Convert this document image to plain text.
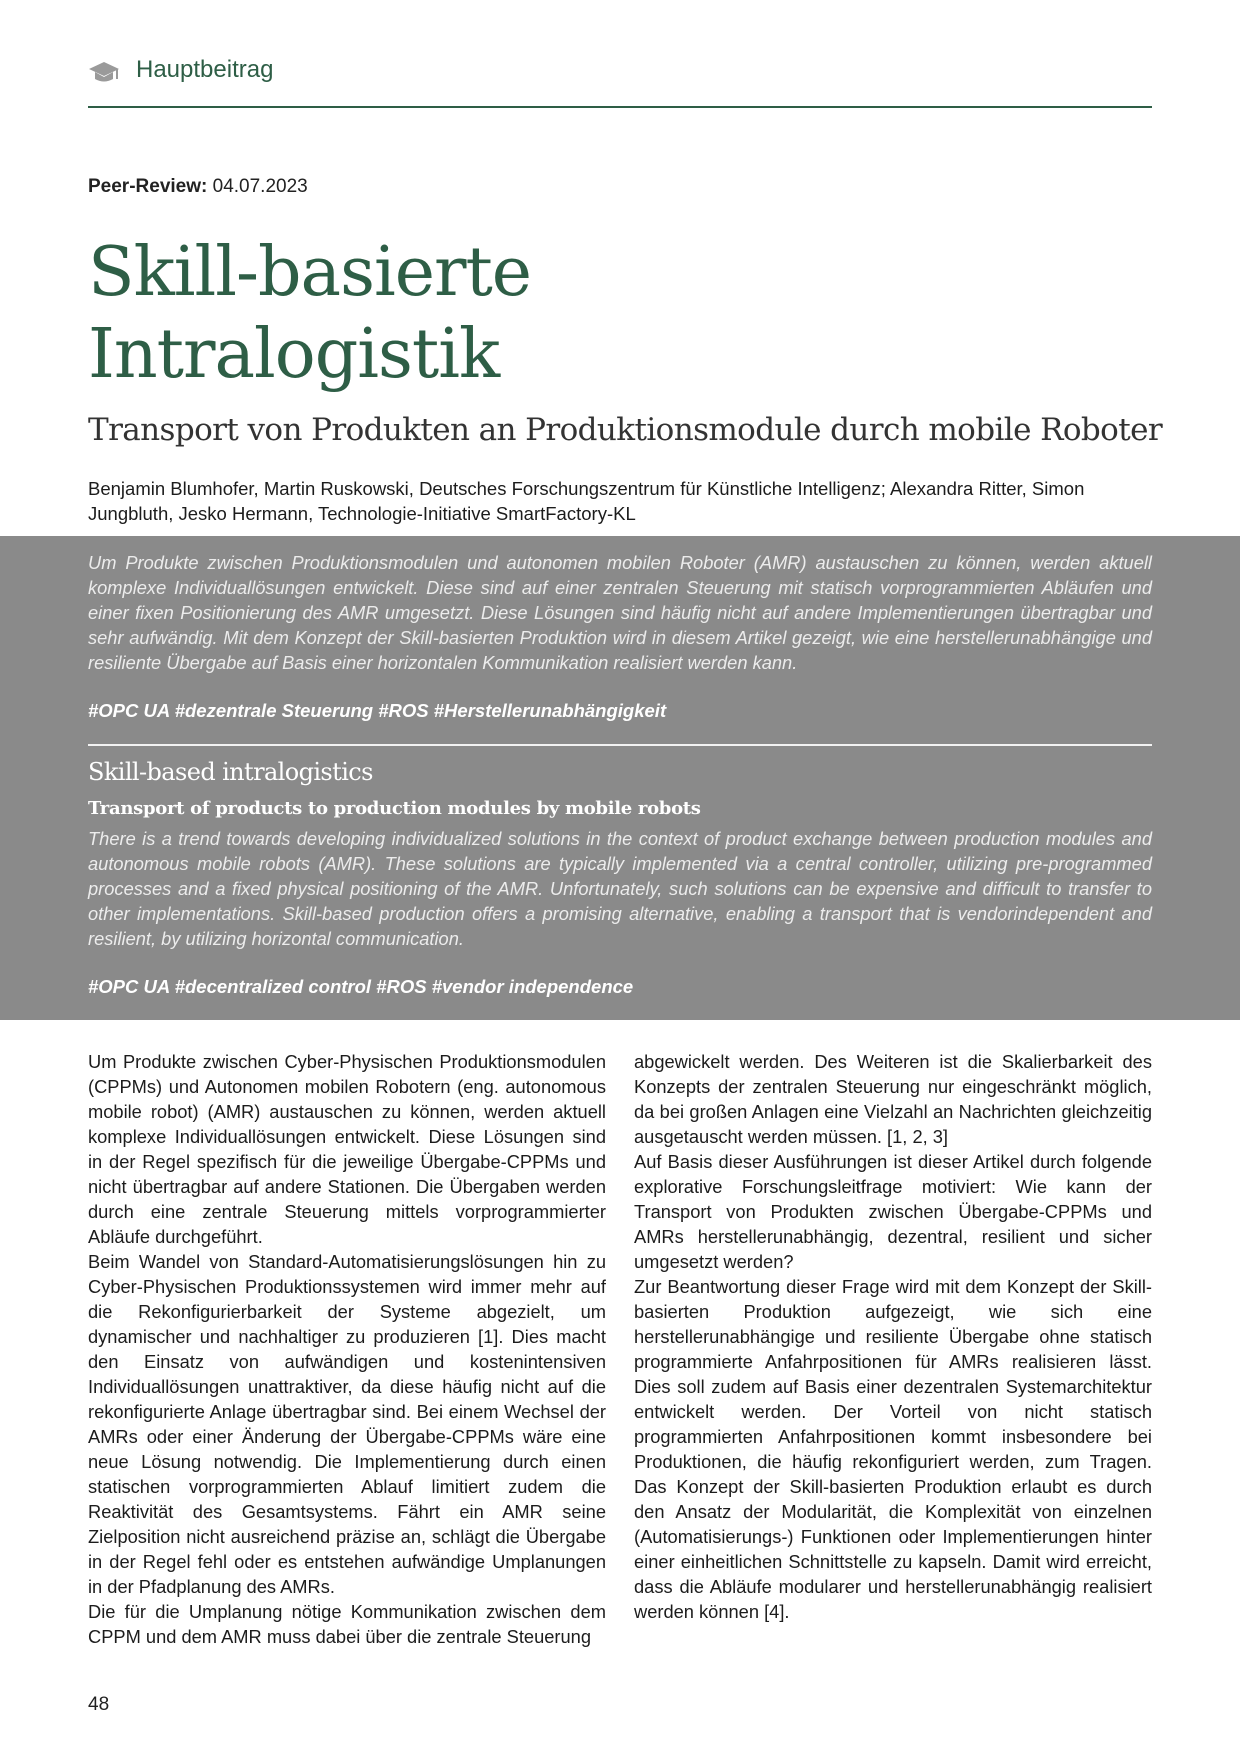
Hauptbeitrag
Peer-Review: 04.07.2023
Skill-basierte
Intralogistik
Transport von Produkten an Produktionsmodule durch mobile Roboter
Benjamin Blumhofer, Martin Ruskowski, Deutsches Forschungszentrum für Künstliche Intelligenz; Alexandra Ritter, Simon Jungbluth, Jesko Hermann, Technologie-Initiative SmartFactory-KL
Um Produkte zwischen Produktionsmodulen und autonomen mobilen Roboter (AMR) austauschen zu können, werden aktuell komplexe Individuallösungen entwickelt. Diese sind auf einer zentralen Steuerung mit statisch vorprogrammierten Abläufen und einer fixen Positionierung des AMR umgesetzt. Diese Lösungen sind häufig nicht auf andere Implementierungen übertragbar und sehr aufwändig. Mit dem Konzept der Skill-basierten Produktion wird in diesem Artikel gezeigt, wie eine herstellerunabhängige und resiliente Übergabe auf Basis einer horizontalen Kommunikation realisiert werden kann.
#OPC UA #dezentrale Steuerung #ROS #Herstellerunabhängigkeit
Skill-based intralogistics
Transport of products to production modules by mobile robots
There is a trend towards developing individualized solutions in the context of product exchange between production modules and autonomous mobile robots (AMR). These solutions are typically implemented via a central controller, utilizing pre-programmed processes and a fixed physical positioning of the AMR. Unfortunately, such solutions can be expensive and difficult to transfer to other implementations. Skill-based production offers a promising alternative, enabling a transport that is vendorindependent and resilient, by utilizing horizontal communication.
#OPC UA #decentralized control #ROS #vendor independence

Um Produkte zwischen Cyber-Physischen Produktionsmodulen (CPPMs) und Autonomen mobilen Robotern (eng. autonomous mobile robot) (AMR) austauschen zu können, werden aktuell komplexe Individuallösungen entwickelt. Diese Lösungen sind in der Regel spezifisch für die jeweilige Übergabe-CPPMs und nicht übertragbar auf andere Stationen. Die Übergaben werden durch eine zentrale Steuerung mittels vorprogrammierter Abläufe durchgeführt.

Beim Wandel von Standard-Automatisierungslösungen hin zu Cyber-Physischen Produktionssystemen wird immer mehr auf die Rekonfigurierbarkeit der Systeme abgezielt, um dynamischer und nachhaltiger zu produzieren [1]. Dies macht den Einsatz von aufwändigen und kostenintensiven Individuallösungen unattraktiver, da diese häufig nicht auf die rekonfigurierte Anlage übertragbar sind. Bei einem Wechsel der AMRs oder einer Änderung der Übergabe-CPPMs wäre eine neue Lösung notwendig. Die Implementierung durch einen statischen vorprogrammierten Ablauf limitiert zudem die Reaktivität des Gesamtsystems. Fährt ein AMR seine Zielposition nicht ausreichend präzise an, schlägt die Übergabe in der Regel fehl oder es entstehen aufwändige Umplanungen in der Pfadplanung des AMRs.

Die für die Umplanung nötige Kommunikation zwischen dem CPPM und dem AMR muss dabei über die zentrale Steuerung

abgewickelt werden. Des Weiteren ist die Skalierbarkeit des Konzepts der zentralen Steuerung nur eingeschränkt möglich, da bei großen Anlagen eine Vielzahl an Nachrichten gleichzeitig ausgetauscht werden müssen. [1, 2, 3]

Auf Basis dieser Ausführungen ist dieser Artikel durch folgende explorative Forschungsleitfrage motiviert: Wie kann der Transport von Produkten zwischen Übergabe-CPPMs und AMRs herstellerunabhängig, dezentral, resilient und sicher umgesetzt werden?

Zur Beantwortung dieser Frage wird mit dem Konzept der Skill-basierten Produktion aufgezeigt, wie sich eine herstellerunabhängige und resiliente Übergabe ohne statisch programmierte Anfahrpositionen für AMRs realisieren lässt. Dies soll zudem auf Basis einer dezentralen Systemarchitektur entwickelt werden. Der Vorteil von nicht statisch programmierten Anfahrpositionen kommt insbesondere bei Produktionen, die häufig rekonfiguriert werden, zum Tragen. Das Konzept der Skill-basierten Produktion erlaubt es durch den Ansatz der Modularität, die Komplexität von einzelnen (Automatisierungs-) Funktionen oder Implementierungen hinter einer einheitlichen Schnittstelle zu kapseln. Damit wird erreicht, dass die Abläufe modularer und herstellerunabhängig realisiert werden können [4].

48
